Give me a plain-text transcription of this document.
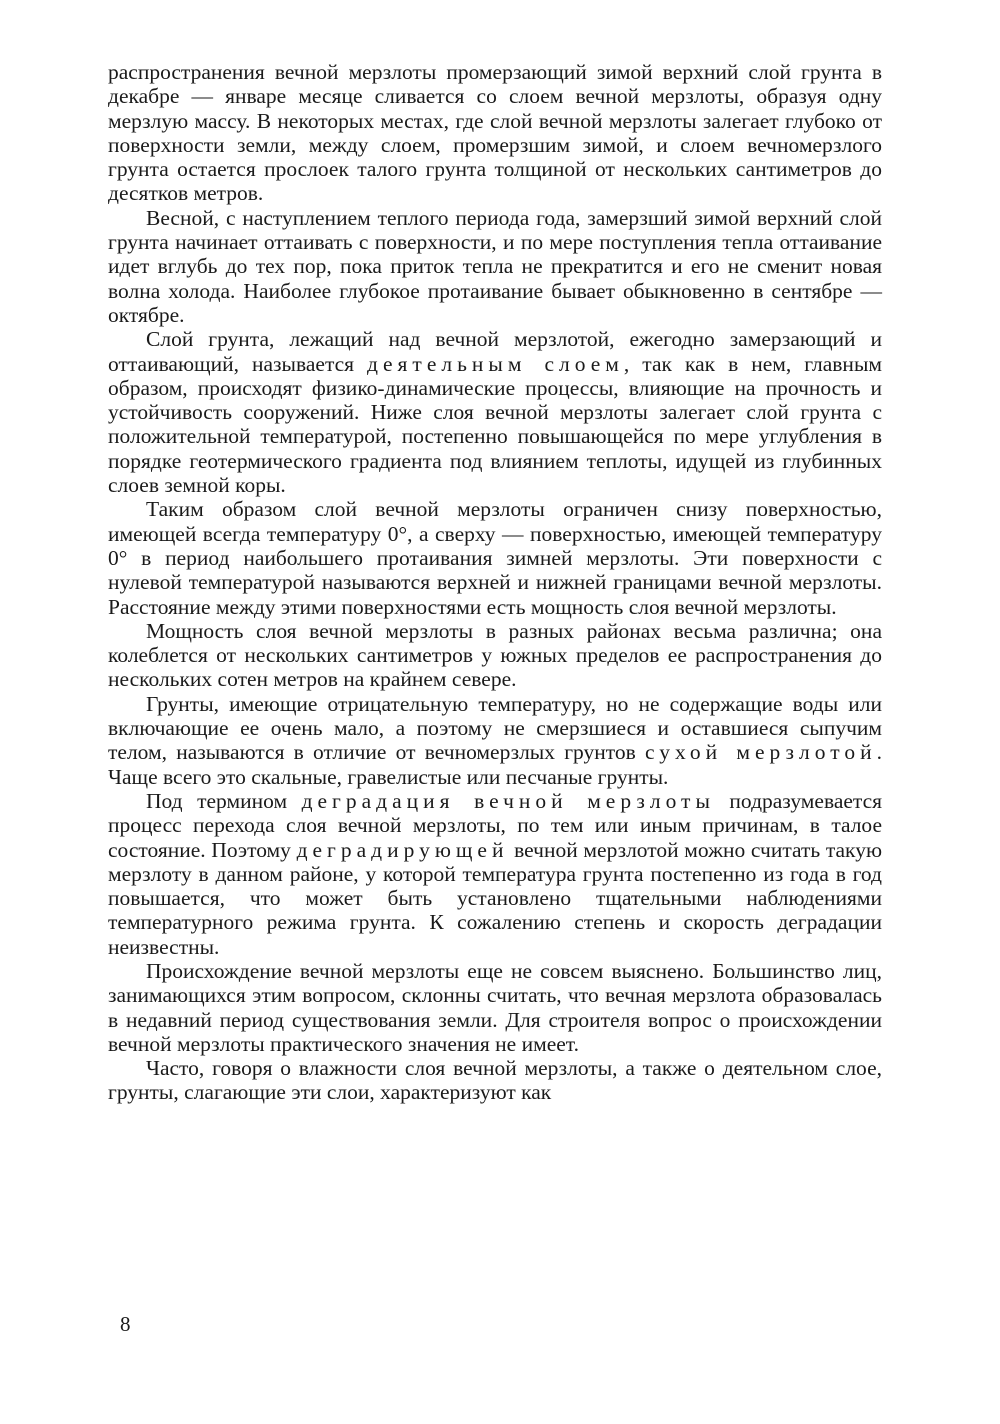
распространения вечной мерзлоты промерзающий зимой верхний слой грунта в декабре — январе месяце сливается со слоем вечной мерзлоты, образуя одну мерзлую массу. В некоторых местах, где слой вечной мерзлоты залегает глубоко от поверхности земли, между слоем, промерзшим зимой, и слоем вечномерзлого грунта остается прослоек талого грунта толщиной от нескольких сантиметров до десятков метров.

Весной, с наступлением теплого периода года, замерзший зимой верхний слой грунта начинает оттаивать с поверхности, и по мере поступления тепла оттаивание идет вглубь до тех пор, пока приток тепла не прекратится и его не сменит новая волна холода. Наиболее глубокое протаивание бывает обыкновенно в сентябре — октябре.

Слой грунта, лежащий над вечной мерзлотой, ежегодно замерзающий и оттаивающий, называется деятельным слоем, так как в нем, главным образом, происходят физико-динамические процессы, влияющие на прочность и устойчивость сооружений. Ниже слоя вечной мерзлоты залегает слой грунта с положительной температурой, постепенно повышающейся по мере углубления в порядке геотермического градиента под влиянием теплоты, идущей из глубинных слоев земной коры.

Таким образом слой вечной мерзлоты ограничен снизу поверхностью, имеющей всегда температуру 0°, а сверху — поверхностью, имеющей температуру 0° в период наибольшего протаивания зимней мерзлоты. Эти поверхности с нулевой температурой называются верхней и нижней границами вечной мерзлоты. Расстояние между этими поверхностями есть мощность слоя вечной мерзлоты.

Мощность слоя вечной мерзлоты в разных районах весьма различна; она колеблется от нескольких сантиметров у южных пределов ее распространения до нескольких сотен метров на крайнем севере.

Грунты, имеющие отрицательную температуру, но не содержащие воды или включающие ее очень мало, а поэтому не смерзшиеся и оставшиеся сыпучим телом, называются в отличие от вечномерзлых грунтов сухой мерзлотой. Чаще всего это скальные, гравелистые или песчаные грунты.

Под термином деградация вечной мерзлоты подразумевается процесс перехода слоя вечной мерзлоты, по тем или иным причинам, в талое состояние. Поэтому деградирующей вечной мерзлотой можно считать такую мерзлоту в данном районе, у которой температура грунта постепенно из года в год повышается, что может быть установлено тщательными наблюдениями температурного режима грунта. К сожалению степень и скорость деградации неизвестны.

Происхождение вечной мерзлоты еще не совсем выяснено. Большинство лиц, занимающихся этим вопросом, склонны считать, что вечная мерзлота образовалась в недавний период существования земли. Для строителя вопрос о происхождении вечной мерзлоты практического значения не имеет.

Часто, говоря о влажности слоя вечной мерзлоты, а также о деятельном слое, грунты, слагающие эти слои, характеризуют как

8
